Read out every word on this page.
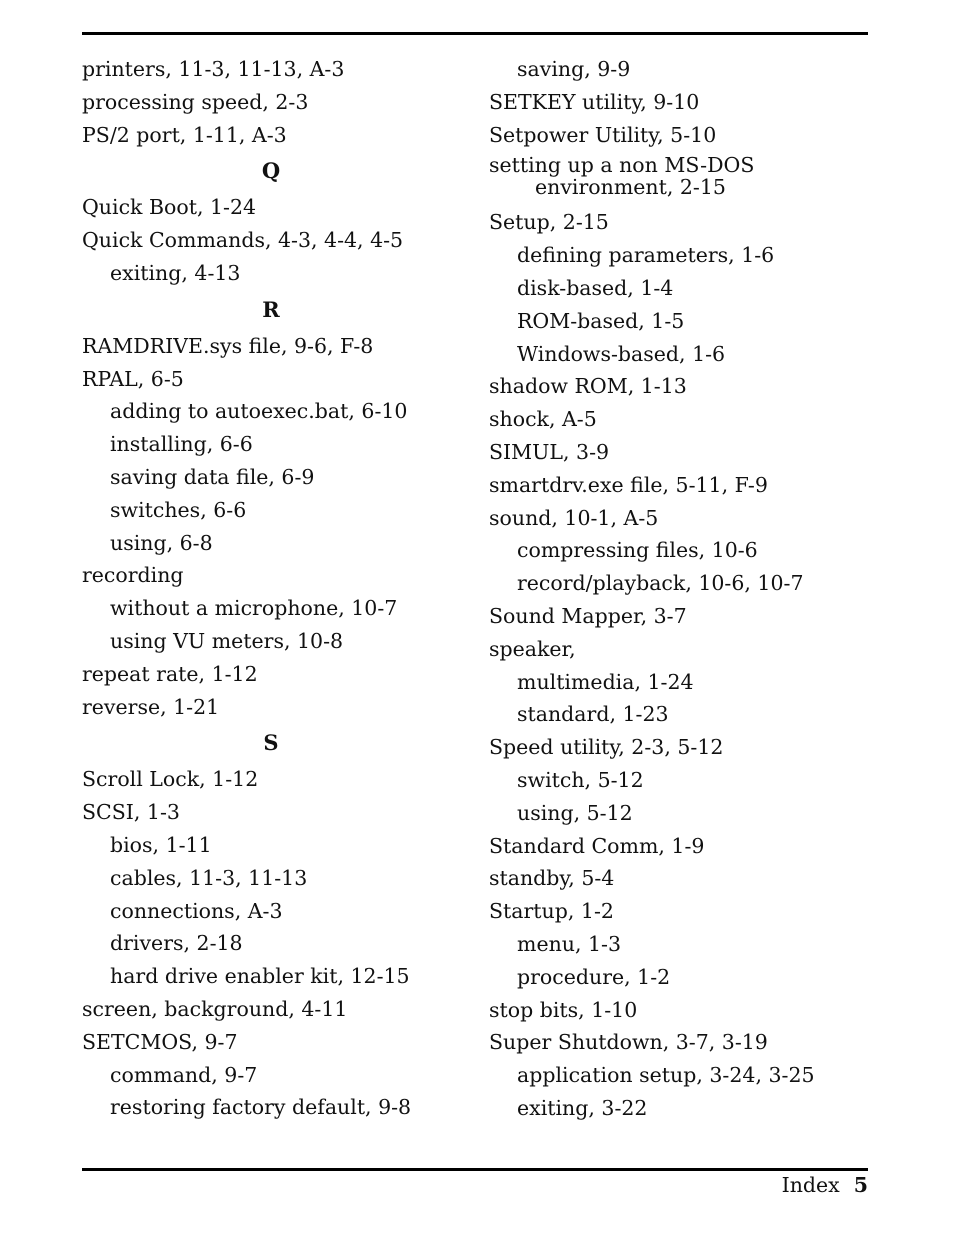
printers, 11-3, 11-13, A-3
processing speed, 2-3
PS/2 port, 1-11, A-3
Q
Quick Boot, 1-24
Quick Commands, 4-3, 4-4, 4-5
exiting, 4-13
R
RAMDRIVE.sys file, 9-6, F-8
RPAL, 6-5
adding to autoexec.bat, 6-10
installing, 6-6
saving data file, 6-9
switches, 6-6
using, 6-8
recording
without a microphone, 10-7
using VU meters, 10-8
repeat rate, 1-12
reverse, 1-21
S
Scroll Lock, 1-12
SCSI, 1-3
bios, 1-11
cables, 11-3, 11-13
connections, A-3
drivers, 2-18
hard drive enabler kit, 12-15
screen, background, 4-11
SETCMOS, 9-7
command, 9-7
restoring factory default, 9-8
saving, 9-9
SETKEY utility, 9-10
Setpower Utility, 5-10
setting up a non MS-DOS
environment, 2-15
Setup, 2-15
defining parameters, 1-6
disk-based, 1-4
ROM-based, 1-5
Windows-based, 1-6
shadow ROM, 1-13
shock, A-5
SIMUL, 3-9
smartdrv.exe file, 5-11, F-9
sound, 10-1, A-5
compressing files, 10-6
record/playback, 10-6, 10-7
Sound Mapper, 3-7
speaker,
multimedia, 1-24
standard, 1-23
Speed utility, 2-3, 5-12
switch, 5-12
using, 5-12
Standard Comm, 1-9
standby, 5-4
Startup, 1-2
menu, 1-3
procedure, 1-2
stop bits, 1-10
Super Shutdown, 3-7, 3-19
application setup, 3-24, 3-25
exiting, 3-22
Index 5
